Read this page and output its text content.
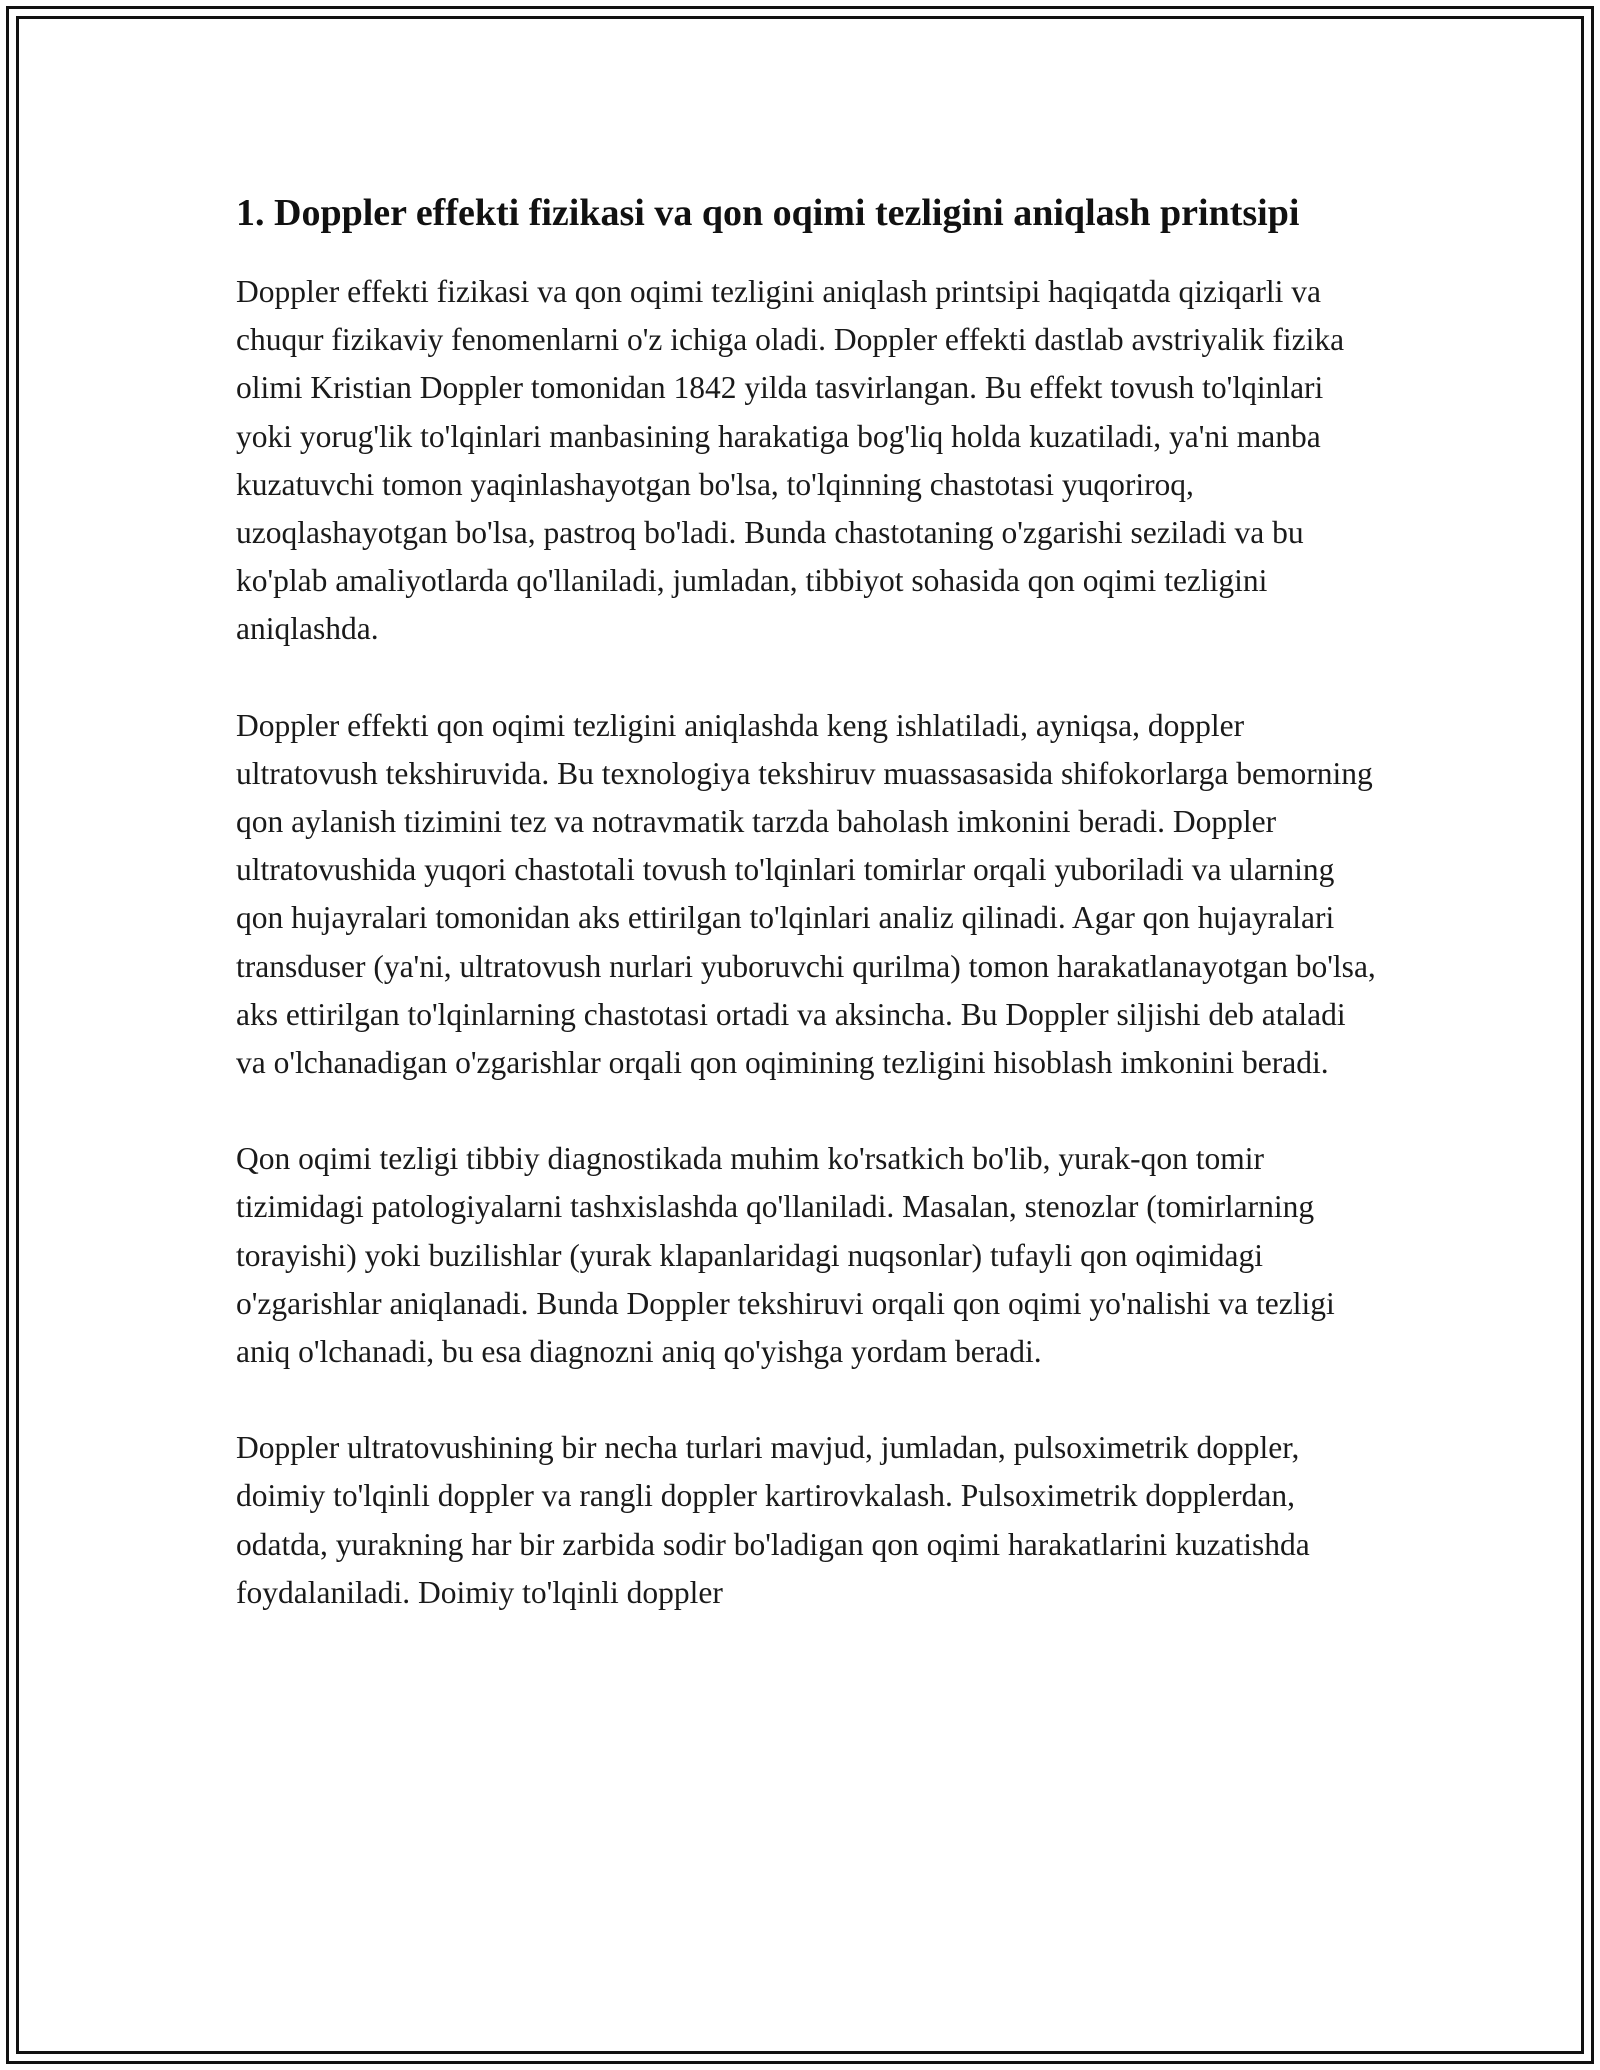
1. Doppler effekti fizikasi va qon oqimi tezligini aniqlash printsipi

Doppler effekti fizikasi va qon oqimi tezligini aniqlash printsipi haqiqatda qiziqarli va chuqur fizikaviy fenomenlarni o'z ichiga oladi. Doppler effekti dastlab avstriyalik fizika olimi Kristian Doppler tomonidan 1842 yilda tasvirlangan. Bu effekt tovush to'lqinlari yoki yorug'lik to'lqinlari manbasining harakatiga bog'liq holda kuzatiladi, ya'ni manba kuzatuvchi tomon yaqinlashayotgan bo'lsa, to'lqinning chastotasi yuqoriroq, uzoqlashayotgan bo'lsa, pastroq bo'ladi. Bunda chastotaning o'zgarishi seziladi va bu ko'plab amaliyotlarda qo'llaniladi, jumladan, tibbiyot sohasida qon oqimi tezligini aniqlashda.

Doppler effekti qon oqimi tezligini aniqlashda keng ishlatiladi, ayniqsa, doppler ultratovush tekshiruvida. Bu texnologiya tekshiruv muassasasida shifokorlarga bemorning qon aylanish tizimini tez va notravmatik tarzda baholash imkonini beradi. Doppler ultratovushida yuqori chastotali tovush to'lqinlari tomirlar orqali yuboriladi va ularning qon hujayralari tomonidan aks ettirilgan to'lqinlari analiz qilinadi. Agar qon hujayralari transduser (ya'ni, ultratovush nurlari yuboruvchi qurilma) tomon harakatlanayotgan bo'lsa, aks ettirilgan to'lqinlarning chastotasi ortadi va aksincha. Bu Doppler siljishi deb ataladi va o'lchanadigan o'zgarishlar orqali qon oqimining tezligini hisoblash imkonini beradi.

Qon oqimi tezligi tibbiy diagnostikada muhim ko'rsatkich bo'lib, yurak-qon tomir tizimidagi patologiyalarni tashxislashda qo'llaniladi. Masalan, stenozlar (tomirlarning torayishi) yoki buzilishlar (yurak klapanlaridagi nuqsonlar) tufayli qon oqimidagi o'zgarishlar aniqlanadi. Bunda Doppler tekshiruvi orqali qon oqimi yo'nalishi va tezligi aniq o'lchanadi, bu esa diagnozni aniq qo'yishga yordam beradi.

Doppler ultratovushining bir necha turlari mavjud, jumladan, pulsoximetrik doppler, doimiy to'lqinli doppler va rangli doppler kartirovkalash. Pulsoximetrik dopplerdan, odatda, yurakning har bir zarbida sodir bo'ladigan qon oqimi harakatlarini kuzatishda foydalaniladi. Doimiy to'lqinli doppler
